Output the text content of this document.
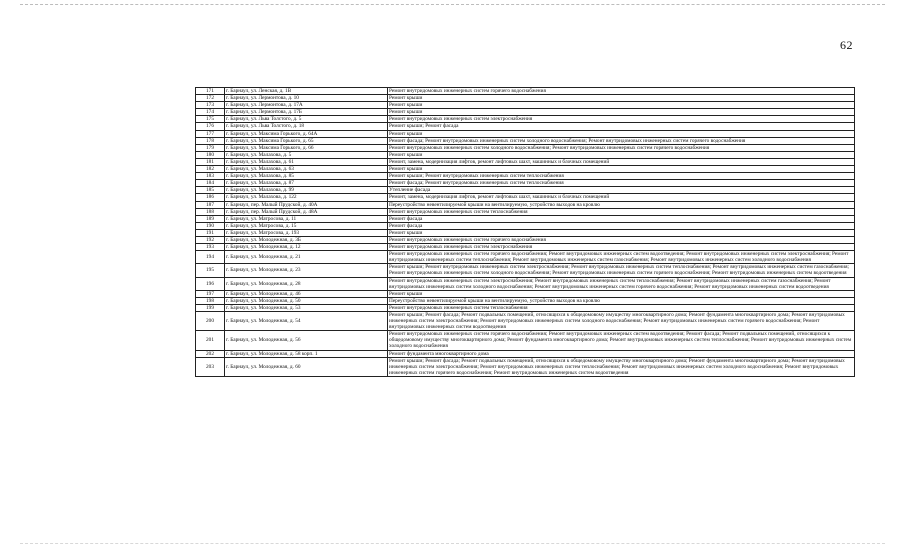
62
171	г. Барнаул, ул. Ленская, д. 1В	Ремонт внутридомовых инженерных систем горячего водоснабжения
172	г. Барнаул, ул. Лермонтова, д. 10	Ремонт крыши
173	г. Барнаул, ул. Лермонтова, д. 17А	Ремонт крыши
174	г. Барнаул, ул. Лермонтова, д. 17Б	Ремонт крыши
175	г. Барнаул, ул. Льва Толстого, д. 5	Ремонт внутридомовых инженерных систем электроснабжения
176	г. Барнаул, ул. Льва Толстого, д. 18	Ремонт крыши; Ремонт фасада
177	г. Барнаул, ул. Максима Горького, д. 64А	Ремонт крыши
178	г. Барнаул, ул. Максима Горького, д. 65	Ремонт фасада; Ремонт внутридомовых инженерных систем холодного водоснабжения; Ремонт внутридомовых инженерных систем горячего водоснабжения
179	г. Барнаул, ул. Максима Горького, д. 66	Ремонт внутридомовых инженерных систем холодного водоснабжения; Ремонт внутридомовых инженерных систем горячего водоснабжения
180	г. Барнаул, ул. Малахова, д. 5	Ремонт крыши
181	г. Барнаул, ул. Малахова, д. 61	Ремонт, замена, модернизация лифтов, ремонт лифтовых шахт, машинных и блочных помещений
182	г. Барнаул, ул. Малахова, д. 63	Ремонт крыши
183	г. Барнаул, ул. Малахова, д. 85	Ремонт крыши; Ремонт внутридомовых инженерных систем теплоснабжения
184	г. Барнаул, ул. Малахова, д. 87	Ремонт фасада; Ремонт внутридомовых инженерных систем теплоснабжения
185	г. Барнаул, ул. Малахова, д. 99	Утепление фасада
186	г. Барнаул, ул. Малахова, д. 122	Ремонт, замена, модернизация лифтов, ремонт лифтовых шахт, машинных и блочных помещений
187	г. Барнаул, пер. Малый Прудской, д. 40А	Переустройство невентилируемой крыши на вентилируемую, устройство выходов на кровлю
188	г. Барнаул, пер. Малый Прудской, д. 48А	Ремонт внутридомовых инженерных систем теплоснабжения
189	г. Барнаул, ул. Матросова, д. 11	Ремонт фасада
190	г. Барнаул, ул. Матросова, д. 15	Ремонт фасада
191	г. Барнаул, ул. Матросова, д. 193	Ремонт крыши
192	г. Барнаул, ул. Молодежная, д. 3Б	Ремонт внутридомовых инженерных систем горячего водоснабжения
193	г. Барнаул, ул. Молодежная, д. 12	Ремонт внутридомовых инженерных систем электроснабжения
194	г. Барнаул, ул. Молодежная, д. 21	Ремонт внутридомовых инженерных систем горячего водоснабжения; Ремонт внутридомовых инженерных систем водоотведения; Ремонт внутридомовых инженерных систем электроснабжения; Ремонт внутридомовых инженерных систем теплоснабжения; Ремонт внутридомовых инженерных систем газоснабжения; Ремонт внутридомовых инженерных систем холодного водоснабжения
195	г. Барнаул, ул. Молодежная, д. 23	Ремонт крыши; Ремонт внутридомовых инженерных систем электроснабжения; Ремонт внутридомовых инженерных систем теплоснабжения; Ремонт внутридомовых инженерных систем газоснабжения; Ремонт внутридомовых инженерных систем холодного водоснабжения; Ремонт внутридомовых инженерных систем горячего водоснабжения; Ремонт внутридомовых инженерных систем водоотведения
196	г. Барнаул, ул. Молодежная, д. 28	Ремонт внутридомовых инженерных систем электроснабжения; Ремонт внутридомовых инженерных систем теплоснабжения; Ремонт внутридомовых инженерных систем газоснабжения; Ремонт внутридомовых инженерных систем холодного водоснабжения; Ремонт внутридомовых инженерных систем горячего водоснабжения; Ремонт внутридомовых инженерных систем водоотведения
197	г. Барнаул, ул. Молодежная, д. 46	Ремонт крыши
198	г. Барнаул, ул. Молодежная, д. 50	Переустройство невентилируемой крыши на вентилируемую, устройство выходов на кровлю
199	г. Барнаул, ул. Молодежная, д. 53	Ремонт внутридомовых инженерных систем теплоснабжения
200	г. Барнаул, ул. Молодежная, д. 54	Ремонт крыши; Ремонт фасада; Ремонт подвальных помещений, относящихся к общедомовому имуществу многоквартирного дома; Ремонт фундамента многоквартирного дома; Ремонт внутридомовых инженерных систем электроснабжения; Ремонт внутридомовых инженерных систем холодного водоснабжения; Ремонт внутридомовых инженерных систем горячего водоснабжения; Ремонт внутридомовых инженерных систем водоотведения
201	г. Барнаул, ул. Молодежная, д. 56	Ремонт внутридомовых инженерных систем горячего водоснабжения; Ремонт внутридомовых инженерных систем водоотведения; Ремонт фасада; Ремонт подвальных помещений, относящихся к общедомовому имуществу многоквартирного дома; Ремонт фундамента многоквартирного дома; Ремонт внутридомовых инженерных систем теплоснабжения; Ремонт внутридомовых инженерных систем холодного водоснабжения
202	г. Барнаул, ул. Молодежная, д. 58 корп. 1	Ремонт фундамента многоквартирного дома
203	г. Барнаул, ул. Молодежная, д. 60	Ремонт крыши; Ремонт фасада; Ремонт подвальных помещений, относящихся к общедомовому имуществу многоквартирного дома; Ремонт фундамента многоквартирного дома; Ремонт внутридомовых инженерных систем электроснабжения; Ремонт внутридомовых инженерных систем теплоснабжения; Ремонт внутридомовых инженерных систем холодного водоснабжения; Ремонт внутридомовых инженерных систем горячего водоснабжения; Ремонт внутридомовых инженерных систем водоотведения
